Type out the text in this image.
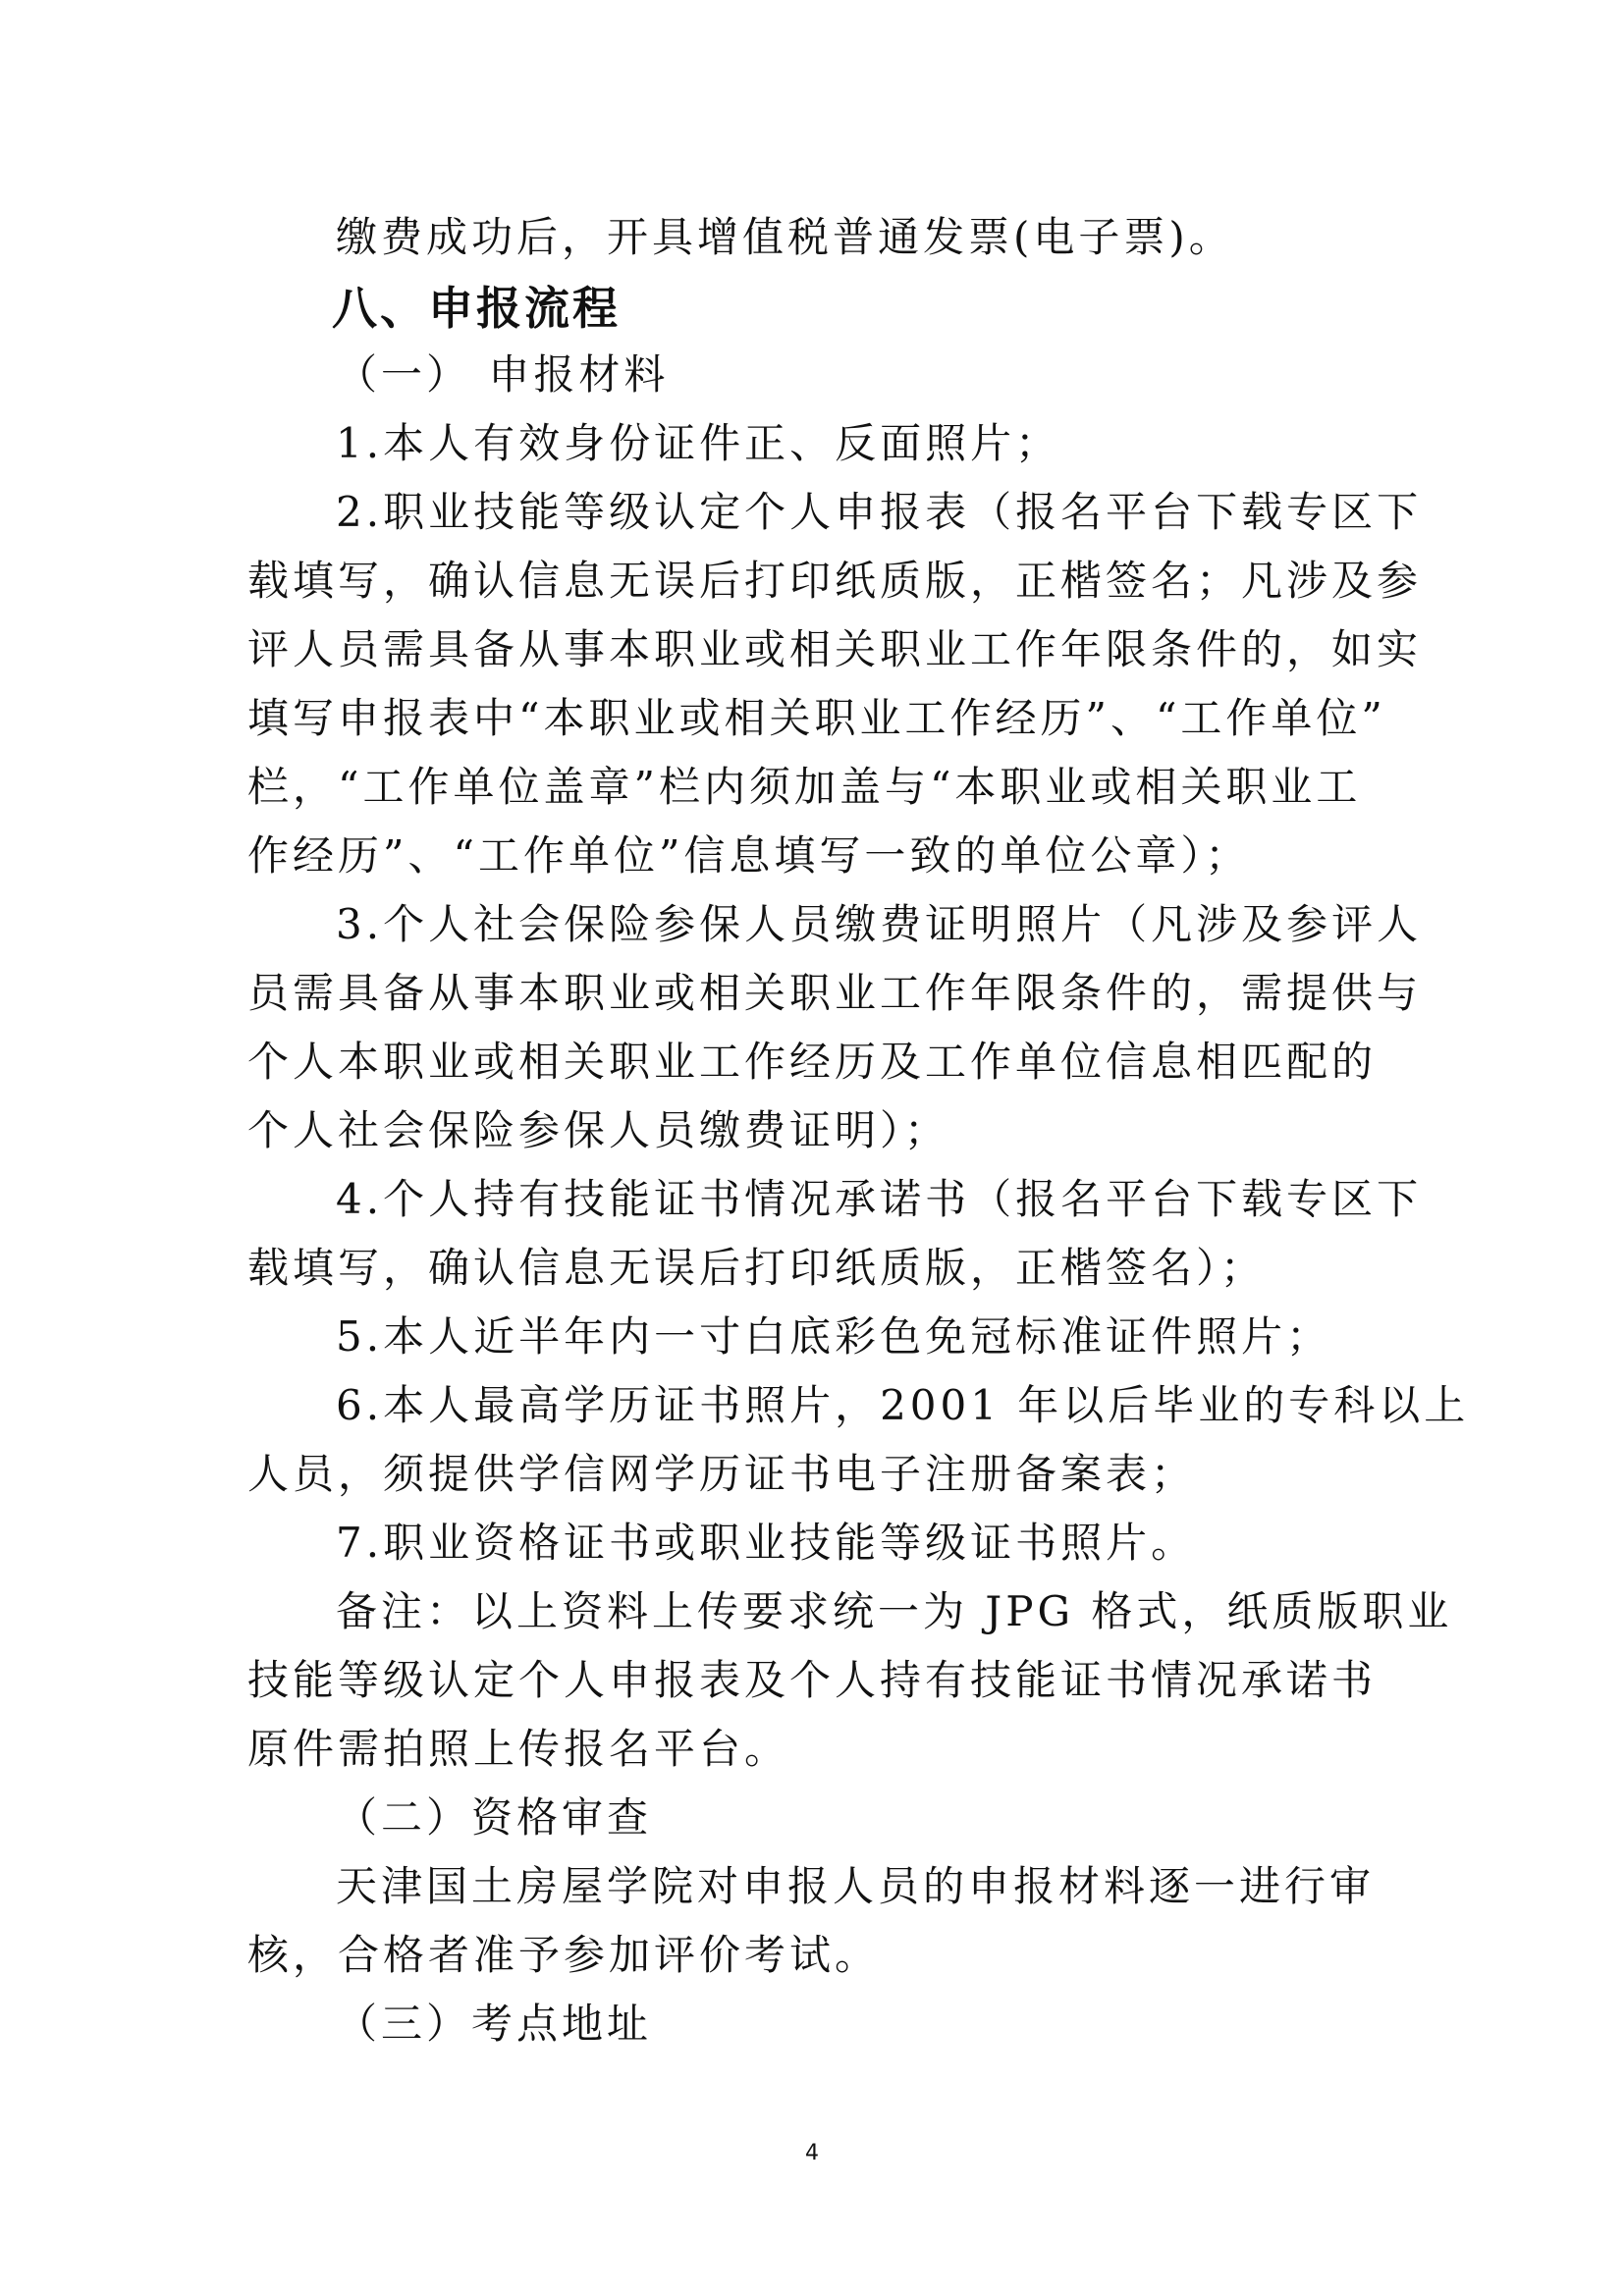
缴费成功后，开具增值税普通发票(电子票)。
八、申报流程
（一） 申报材料
1.本人有效身份证件正、反面照片；
2.职业技能等级认定个人申报表（报名平台下载专区下
载填写，确认信息无误后打印纸质版，正楷签名；凡涉及参
评人员需具备从事本职业或相关职业工作年限条件的，如实
填写申报表中“本职业或相关职业工作经历”、“工作单位”
栏，“工作单位盖章”栏内须加盖与“本职业或相关职业工
作经历”、“工作单位”信息填写一致的单位公章）；
3.个人社会保险参保人员缴费证明照片（凡涉及参评人
员需具备从事本职业或相关职业工作年限条件的，需提供与
个人本职业或相关职业工作经历及工作单位信息相匹配的
个人社会保险参保人员缴费证明）；
4.个人持有技能证书情况承诺书（报名平台下载专区下
载填写，确认信息无误后打印纸质版，正楷签名）；
5.本人近半年内一寸白底彩色免冠标准证件照片；
6.本人最高学历证书照片，2001 年以后毕业的专科以上
人员，须提供学信网学历证书电子注册备案表；
7.职业资格证书或职业技能等级证书照片。
备注：以上资料上传要求统一为 JPG 格式，纸质版职业
技能等级认定个人申报表及个人持有技能证书情况承诺书
原件需拍照上传报名平台。
（二）资格审查
天津国土房屋学院对申报人员的申报材料逐一进行审
核，合格者准予参加评价考试。
（三）考点地址
4
